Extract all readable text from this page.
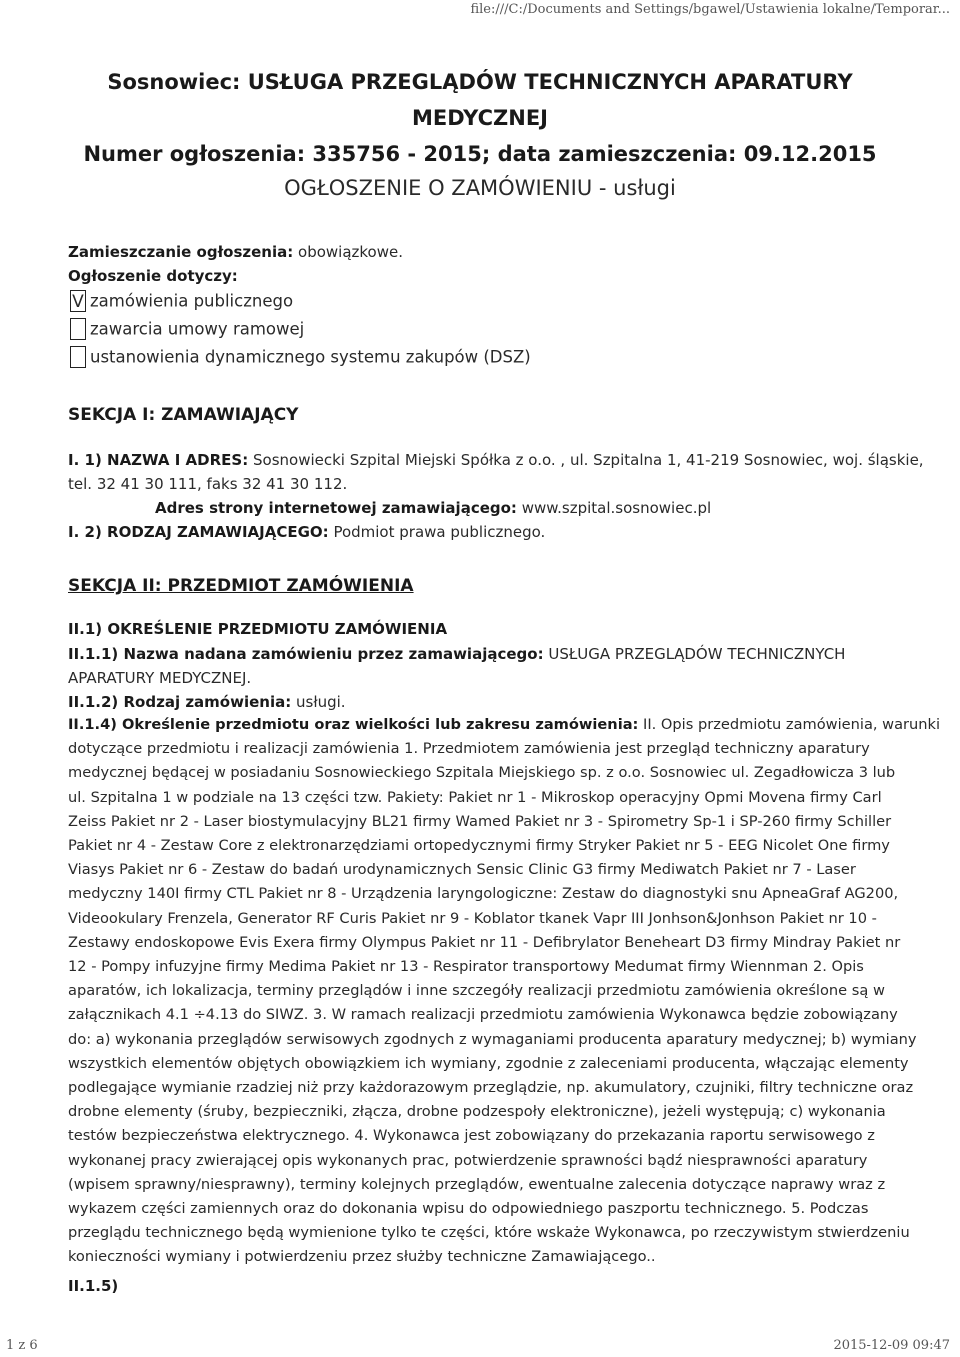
file:///C:/Documents and Settings/bgawel/Ustawienia lokalne/Temporar...
Sosnowiec: USŁUGA PRZEGLĄDÓW TECHNICZNYCH APARATURY
MEDYCZNEJ
Numer ogłoszenia: 335756 - 2015; data zamieszczenia: 09.12.2015
OGŁOSZENIE O ZAMÓWIENIU - usługi
Zamieszczanie ogłoszenia: obowiązkowe.
Ogłoszenie dotyczy:
V zamówienia publicznego
zawarcia umowy ramowej
ustanowienia dynamicznego systemu zakupów (DSZ)
SEKCJA I: ZAMAWIAJĄCY
I. 1) NAZWA I ADRES: Sosnowiecki Szpital Miejski Spółka z o.o. , ul. Szpitalna 1, 41-219 Sosnowiec, woj. śląskie,
tel. 32 41 30 111, faks 32 41 30 112.
Adres strony internetowej zamawiającego: www.szpital.sosnowiec.pl
I. 2) RODZAJ ZAMAWIAJĄCEGO: Podmiot prawa publicznego.
SEKCJA II: PRZEDMIOT ZAMÓWIENIA
II.1) OKREŚLENIE PRZEDMIOTU ZAMÓWIENIA
II.1.1) Nazwa nadana zamówieniu przez zamawiającego: USŁUGA PRZEGLĄDÓW TECHNICZNYCH
APARATURY MEDYCZNEJ.
II.1.2) Rodzaj zamówienia: usługi.
II.1.4) Określenie przedmiotu oraz wielkości lub zakresu zamówienia: II. Opis przedmiotu zamówienia, warunki
dotyczące przedmiotu i realizacji zamówienia 1. Przedmiotem zamówienia jest przegląd techniczny aparatury
medycznej będącej w posiadaniu Sosnowieckiego Szpitala Miejskiego sp. z o.o. Sosnowiec ul. Zegadłowicza 3 lub
ul. Szpitalna 1 w podziale na 13 części tzw. Pakiety: Pakiet nr 1 - Mikroskop operacyjny Opmi Movena firmy Carl
Zeiss Pakiet nr 2 - Laser biostymulacyjny BL21 firmy Wamed Pakiet nr 3 - Spirometry Sp-1 i SP-260 firmy Schiller
Pakiet nr 4 - Zestaw Core z elektronarzędziami ortopedycznymi firmy Stryker Pakiet nr 5 - EEG Nicolet One firmy
Viasys Pakiet nr 6 - Zestaw do badań urodynamicznych Sensic Clinic G3 firmy Mediwatch Pakiet nr 7 - Laser
medyczny 140I firmy CTL Pakiet nr 8 - Urządzenia laryngologiczne: Zestaw do diagnostyki snu ApneaGraf AG200,
Videookulary Frenzela, Generator RF Curis Pakiet nr 9 - Koblator tkanek Vapr III Jonhson&Jonhson Pakiet nr 10 -
Zestawy endoskopowe Evis Exera firmy Olympus Pakiet nr 11 - Defibrylator Beneheart D3 firmy Mindray Pakiet nr
12 - Pompy infuzyjne firmy Medima Pakiet nr 13 - Respirator transportowy Medumat firmy Wiennman 2. Opis
aparatów, ich lokalizacja, terminy przeglądów i inne szczegóły realizacji przedmiotu zamówienia określone są w
załącznikach 4.1 ÷4.13 do SIWZ. 3. W ramach realizacji przedmiotu zamówienia Wykonawca będzie zobowiązany
do: a) wykonania przeglądów serwisowych zgodnych z wymaganiami producenta aparatury medycznej; b) wymiany
wszystkich elementów objętych obowiązkiem ich wymiany, zgodnie z zaleceniami producenta, włączając elementy
podlegające wymianie rzadziej niż przy każdorazowym przeglądzie, np. akumulatory, czujniki, filtry techniczne oraz
drobne elementy (śruby, bezpieczniki, złącza, drobne podzespoły elektroniczne), jeżeli występują; c) wykonania
testów bezpieczeństwa elektrycznego. 4. Wykonawca jest zobowiązany do przekazania raportu serwisowego z
wykonanej pracy zwierającej opis wykonanych prac, potwierdzenie sprawności bądź niesprawności aparatury
(wpisem sprawny/niesprawny), terminy kolejnych przeglądów, ewentualne zalecenia dotyczące naprawy wraz z
wykazem części zamiennych oraz do dokonania wpisu do odpowiedniego paszportu technicznego. 5. Podczas
przeglądu technicznego będą wymienione tylko te części, które wskaże Wykonawca, po rzeczywistym stwierdzeniu
konieczności wymiany i potwierdzeniu przez służby techniczne Zamawiającego..
II.1.5)
1 z 6	2015-12-09 09:47
